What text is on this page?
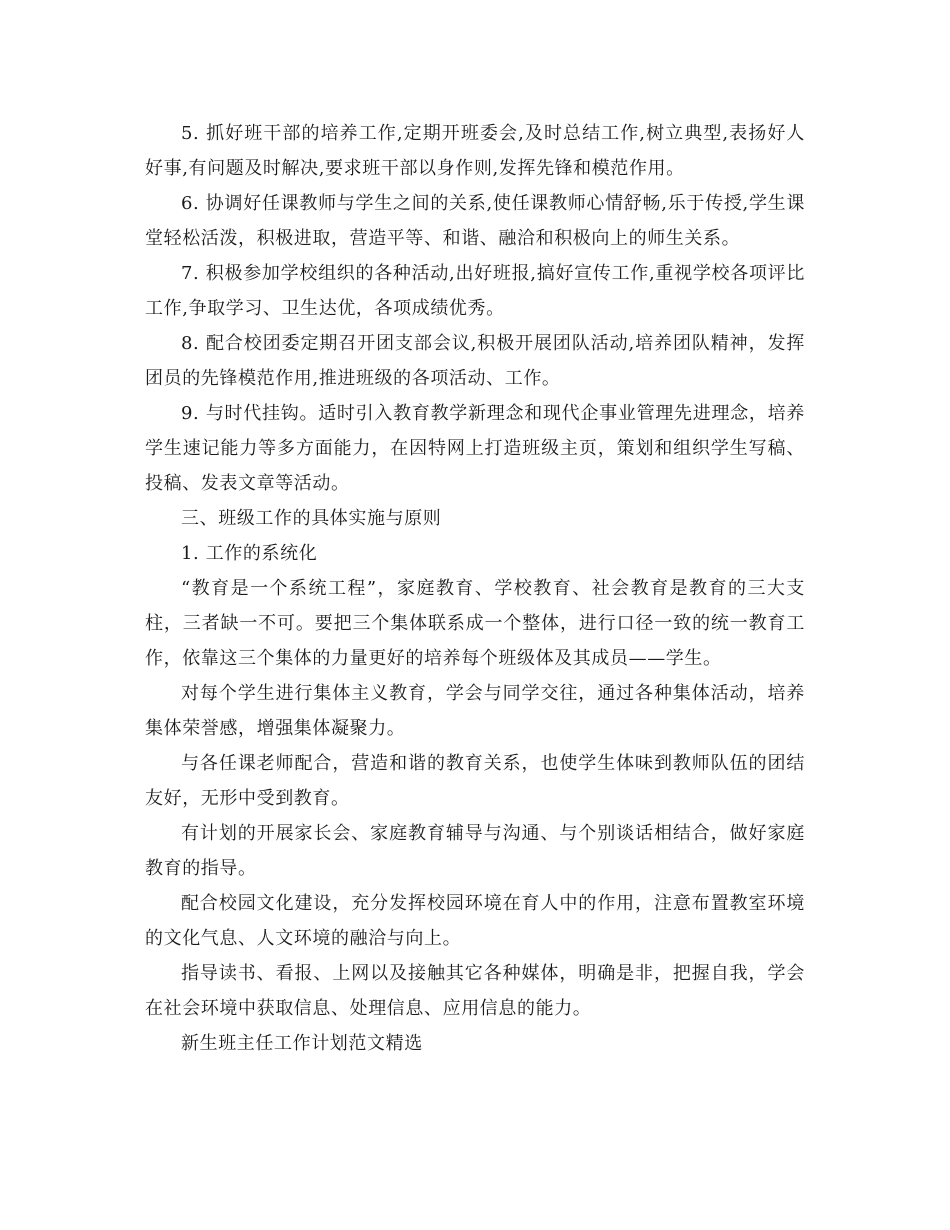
5. 抓好班干部的培养工作,定期开班委会,及时总结工作,树立典型,表扬好人好事,有问题及时解决,要求班干部以身作则,发挥先锋和模范作用。

6. 协调好任课教师与学生之间的关系,使任课教师心情舒畅,乐于传授,学生课堂轻松活泼，积极进取，营造平等、和谐、融洽和积极向上的师生关系。

7. 积极参加学校组织的各种活动,出好班报,搞好宣传工作,重视学校各项评比工作,争取学习、卫生达优，各项成绩优秀。

8. 配合校团委定期召开团支部会议,积极开展团队活动,培养团队精神，发挥团员的先锋模范作用,推进班级的各项活动、工作。

9. 与时代挂钩。适时引入教育教学新理念和现代企事业管理先进理念，培养学生速记能力等多方面能力，在因特网上打造班级主页，策划和组织学生写稿、投稿、发表文章等活动。

三、班级工作的具体实施与原则

1. 工作的系统化

“教育是一个系统工程”，家庭教育、学校教育、社会教育是教育的三大支柱，三者缺一不可。要把三个集体联系成一个整体，进行口径一致的统一教育工作，依靠这三个集体的力量更好的培养每个班级体及其成员——学生。

对每个学生进行集体主义教育，学会与同学交往，通过各种集体活动，培养集体荣誉感，增强集体凝聚力。

与各任课老师配合，营造和谐的教育关系，也使学生体味到教师队伍的团结友好，无形中受到教育。

有计划的开展家长会、家庭教育辅导与沟通、与个别谈话相结合，做好家庭教育的指导。

配合校园文化建设，充分发挥校园环境在育人中的作用，注意布置教室环境的文化气息、人文环境的融洽与向上。

指导读书、看报、上网以及接触其它各种媒体，明确是非，把握自我，学会在社会环境中获取信息、处理信息、应用信息的能力。

新生班主任工作计划范文精选
